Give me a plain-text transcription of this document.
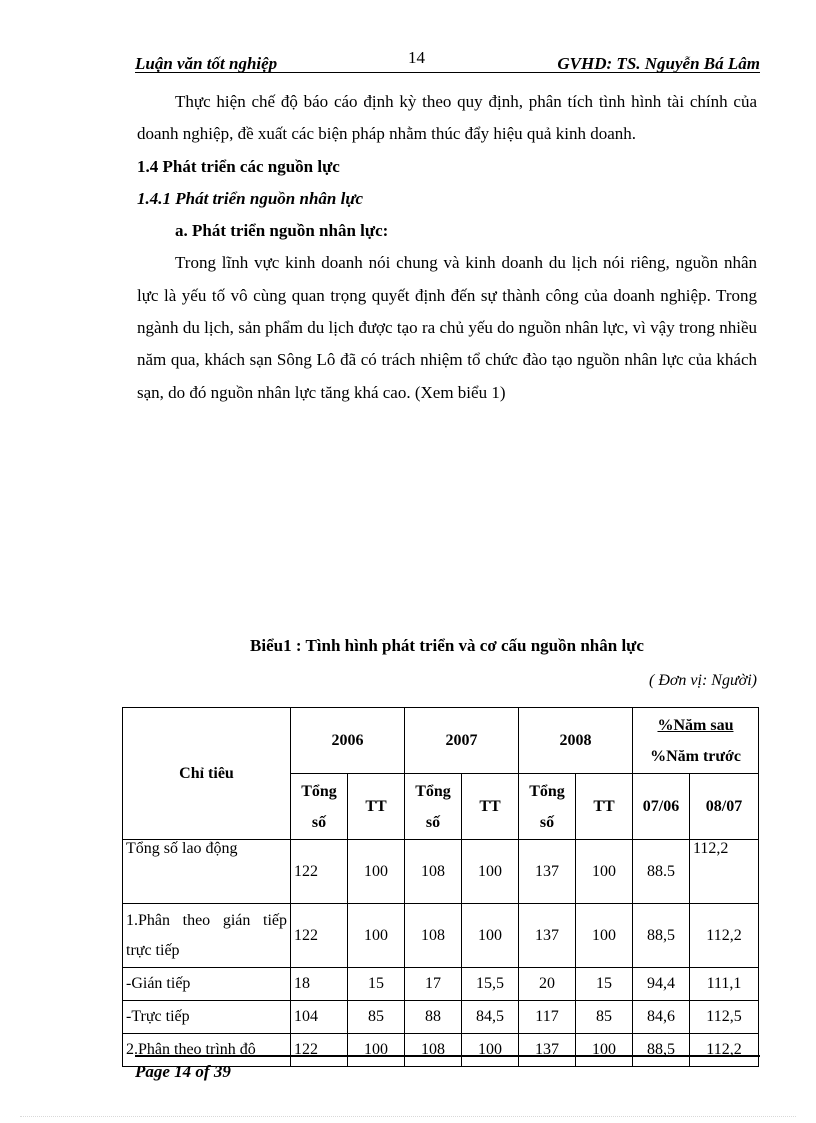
Luận văn tốt nghiệp	14	GVHD: TS. Nguyễn Bá Lâm

Thực hiện chế độ báo cáo định kỳ theo quy định, phân tích tình hình tài chính của doanh nghiệp, đề xuất các biện pháp nhằm thúc đẩy hiệu quả kinh doanh.

1.4 Phát triển các nguồn lực

1.4.1 Phát triển nguồn nhân lực

a. Phát triển nguồn nhân lực:

Trong lĩnh vực kinh doanh nói chung và kinh doanh du lịch nói riêng, nguồn nhân lực là yếu tố vô cùng quan trọng quyết định đến sự thành công của doanh nghiệp. Trong ngành du lịch, sản phẩm du lịch được tạo ra chủ yếu do nguồn nhân lực, vì vậy trong nhiều năm qua, khách sạn Sông Lô đã có trách nhiệm tổ chức đào tạo nguồn nhân lực của khách sạn, do đó nguồn nhân lực tăng khá cao. (Xem biểu 1)

Biểu1 : Tình hình phát triển và cơ cấu nguồn nhân lực
( Đơn vị: Người)
Chỉ tiêu	2006		2007		2008		%Năm sau
%Năm trước	
	Tổng số	TT	Tổng số	TT	Tổng số	TT	07/06	08/07
Tổng số lao động	122	100	108	100	137	100	88.5	112,2
1.Phân theo gián tiếp trực tiếp	122	100	108	100	137	100	88,5	112,2
-Gián tiếp	18	15	17	15,5	20	15	94,4	111,1
-Trực tiếp	104	85	88	84,5	117	85	84,6	112,5
2.Phân theo trình độ	122	100	108	100	137	100	88,5	112,2
Page 14 of 39
